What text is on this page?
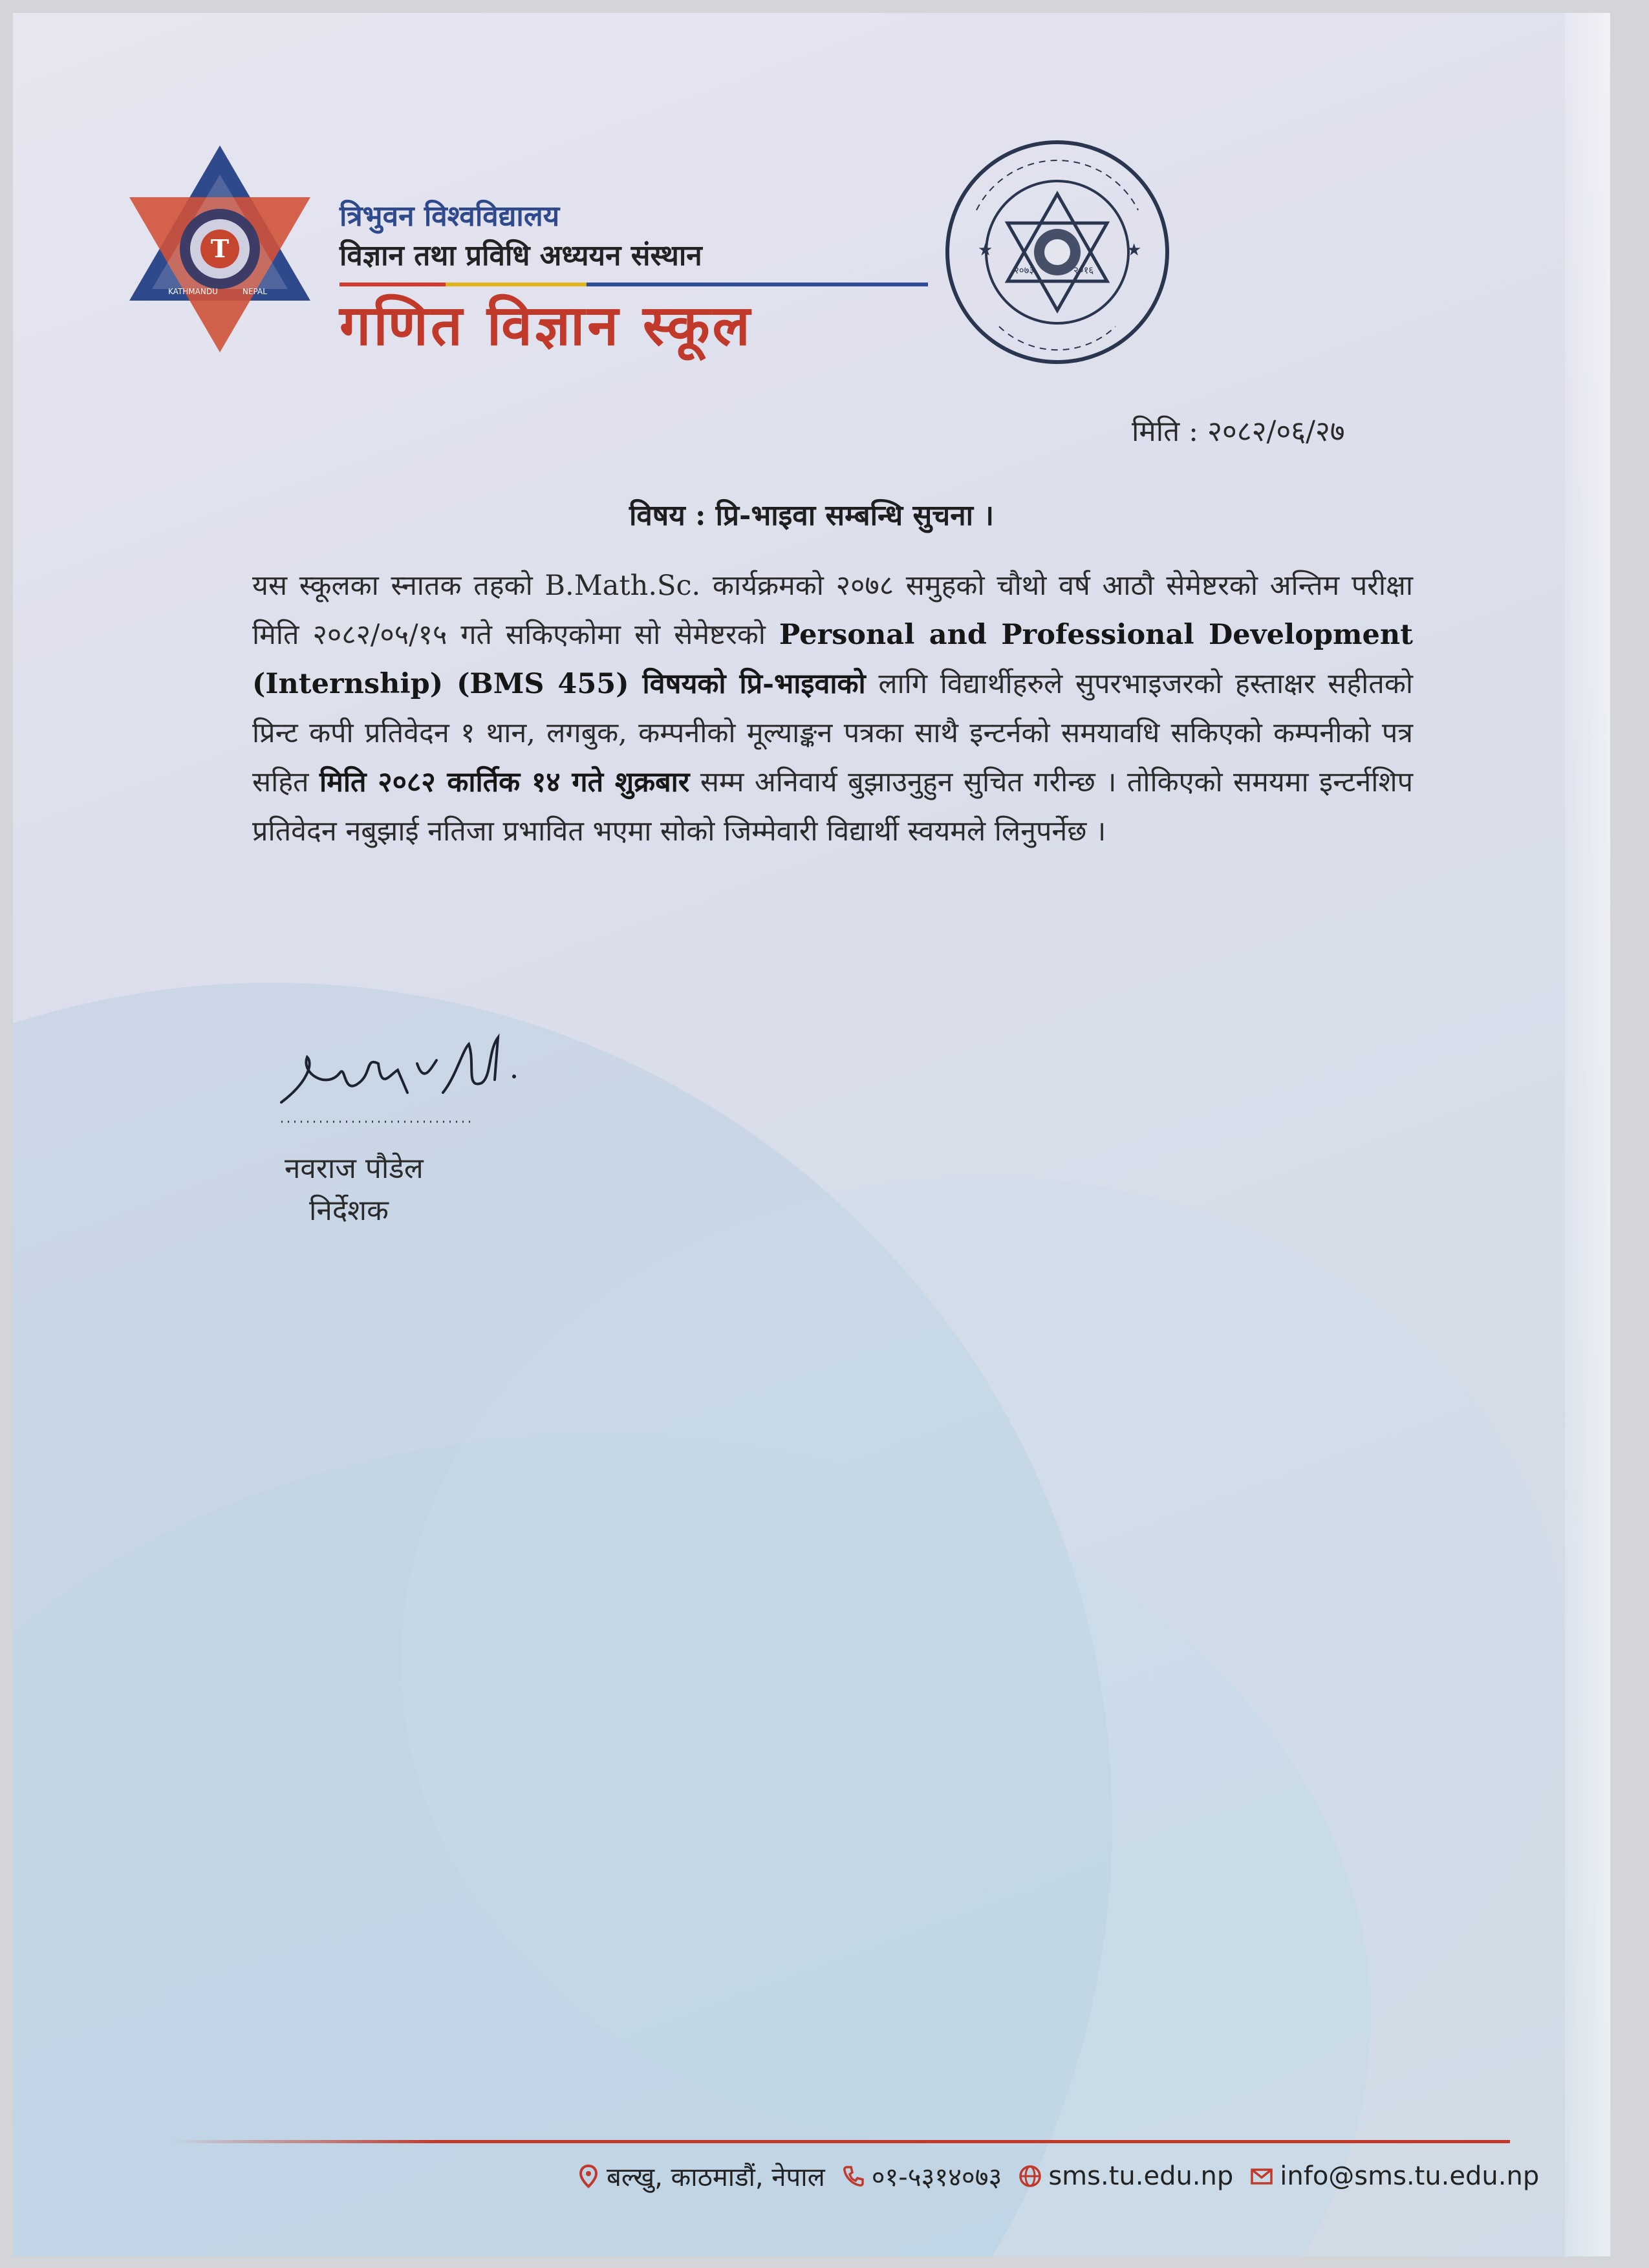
T
KATHMANDU	NEPAL
त्रिभुवन विश्वविद्यालय
विज्ञान तथा प्रविधि अध्ययन संस्थान
गणित विज्ञान स्कूल
★	★
२०७३	२०१६
मिति : २०८२/०६/२७
विषय : प्रि-भाइवा सम्बन्धि सुचना ।
यस स्कूलका स्नातक तहको B.Math.Sc. कार्यक्रमको २०७८ समुहको चौथो वर्ष आठौ सेमेष्टरको अन्तिम परीक्षा मिति २०८२/०५/१५ गते सकिएकोमा सो सेमेष्टरको Personal and Professional Development (Internship) (BMS 455) विषयको प्रि-भाइवाको लागि विद्यार्थीहरुले सुपरभाइजरको हस्ताक्षर सहीतको प्रिन्ट कपी प्रतिवेदन १ थान, लगबुक, कम्पनीको मूल्याङ्कन पत्रका साथै इन्टर्नको समयावधि सकिएको कम्पनीको पत्र सहित मिति २०८२ कार्तिक १४ गते शुक्रबार सम्म अनिवार्य बुझाउनुहुन सुचित गरीन्छ । तोकिएको समयमा इन्टर्नशिप प्रतिवेदन नबुझाई नतिजा प्रभावित भएमा सोको जिम्मेवारी विद्यार्थी स्वयमले लिनुपर्नेछ ।
नवराज पौडेल
निर्देशक
बल्खु, काठमाडौं, नेपाल ०१-५३१४०७३ sms.tu.edu.np info@sms.tu.edu.np
